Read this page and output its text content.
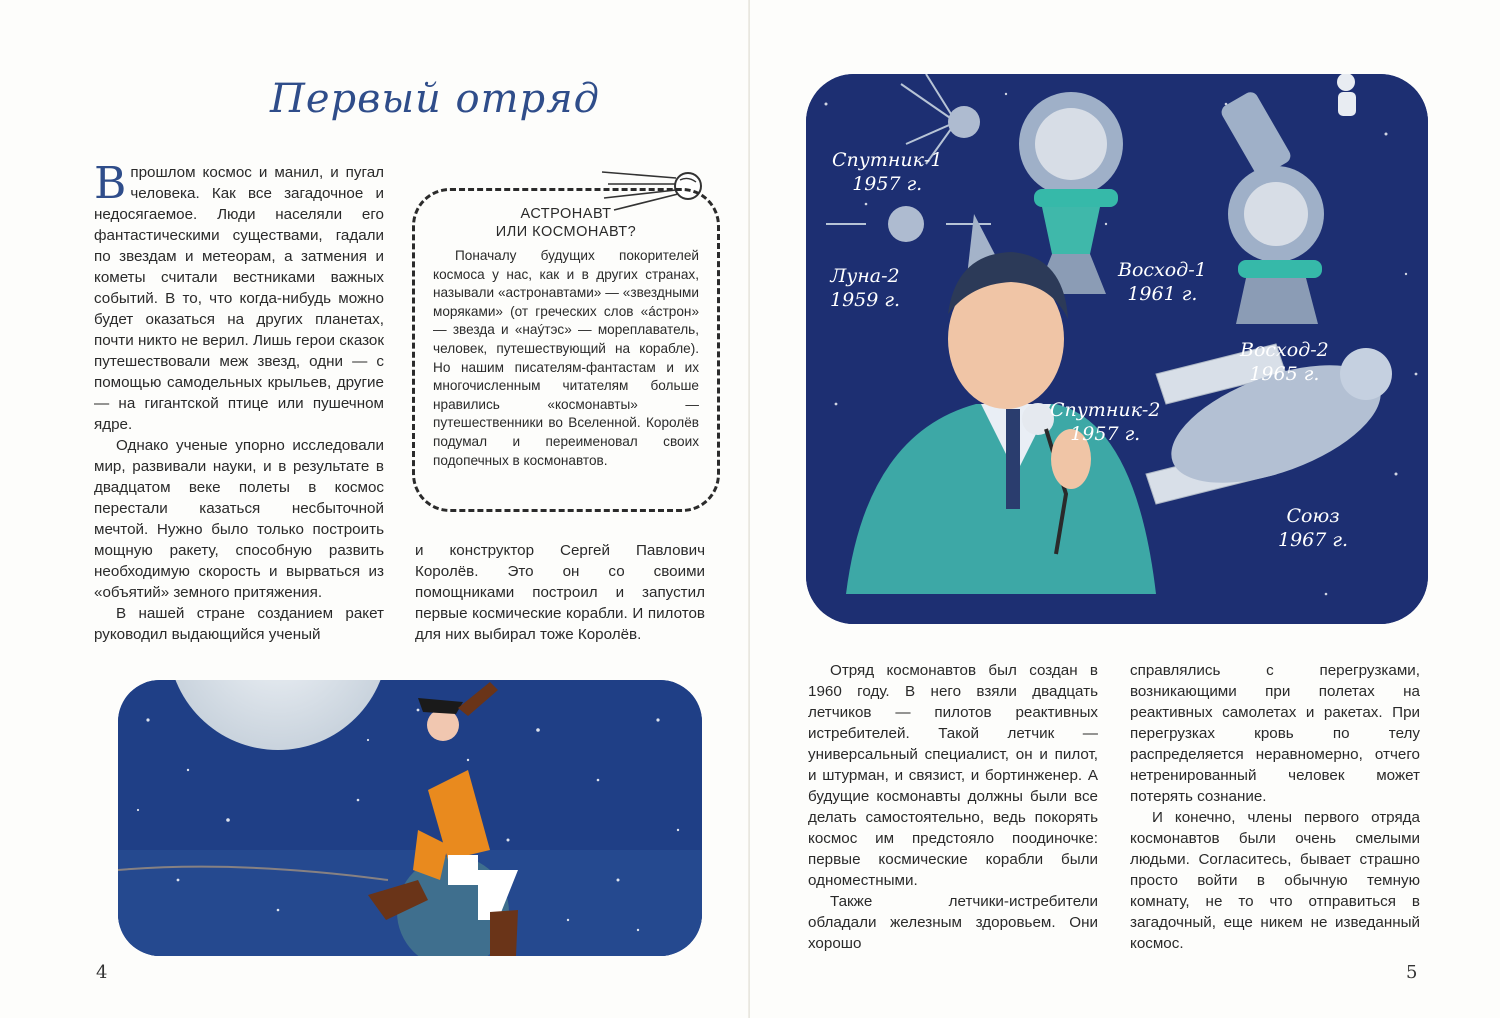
Первый отряд

Впрошлом космос и манил, и пугал человека. Как все загадочное и недосягаемое. Люди населяли его фантастическими существами, гадали по звездам и метеорам, а затмения и кометы считали вестниками важных событий. В то, что когда-нибудь можно будет оказаться на других планетах, почти никто не верил. Лишь герои сказок путешествовали меж звезд, одни — с помощью самодельных крыльев, другие — на гигантской птице или пушечном ядре.

Однако ученые упорно исследовали мир, развивали науки, и в результате в двадцатом веке полеты в космос перестали казаться несбыточной мечтой. Нужно было только построить мощную ракету, способную развить необходимую скорость и вырваться из «объятий» земного притяжения.

В нашей стране созданием ракет руководил выдающийся ученый

АСТРОНАВТ
ИЛИ КОСМОНАВТ?

Поначалу будущих покорителей космоса у нас, как и в других странах, называли «астронавтами» — «звездными моряками» (от греческих слов «áстрон» — звезда и «наýтэс» — мореплаватель, человек, путешествующий на корабле). Но нашим писателям-фантастам и их многочисленным читателям больше нравились «космонавты» — путешественники во Вселенной. Королёв подумал и переименовал своих подопечных в космонавтов.

и конструктор Сергей Павлович Королёв. Это он со своими помощниками построил и запустил первые космические корабли. И пилотов для них выбирал тоже Королёв.

4
Спутник-1
1957 г.
Луна-2
1959 г.
Восход-1
1961 г.
Восход-2
1965 г.
Спутник-2
1957 г.
Союз
1967 г.

Отряд космонавтов был создан в 1960 году. В него взяли двадцать летчиков — пилотов реактивных истребителей. Такой летчик — универсальный специалист, он и пилот, и штурман, и связист, и бортинженер. А будущие космонавты должны были все делать самостоятельно, ведь покорять космос им предстояло поодиночке: первые космические корабли были одноместными.

Также летчики-истребители обладали железным здоровьем. Они хорошо

справлялись с перегрузками, возникающими при полетах на реактивных самолетах и ракетах. При перегрузках кровь по телу распределяется неравномерно, отчего нетренированный человек может потерять сознание.

И конечно, члены первого отряда космонавтов были очень смелыми людьми. Согласитесь, бывает страшно просто войти в обычную темную комнату, не то что отправиться в загадочный, еще никем не изведанный космос.

5
